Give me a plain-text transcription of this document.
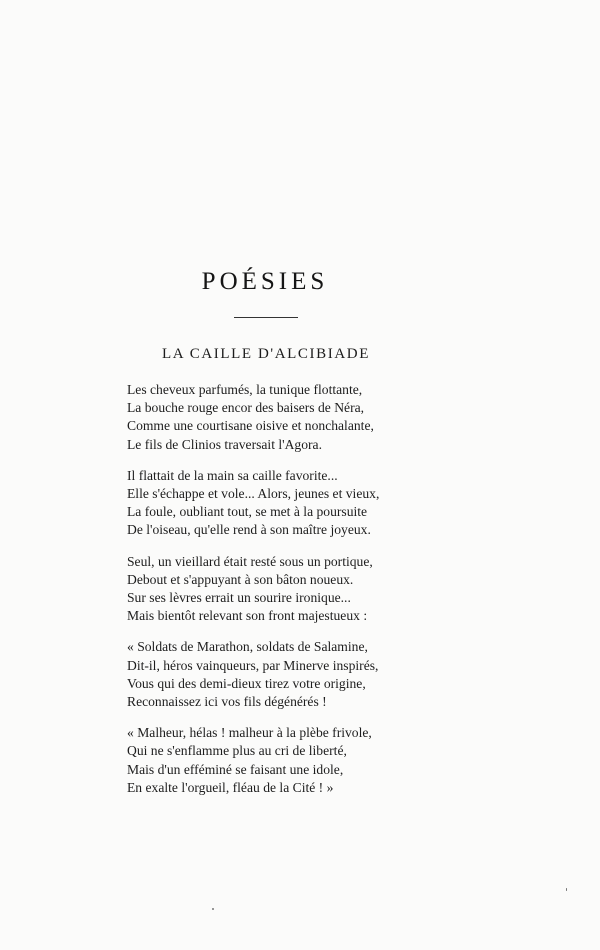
POÉSIES
LA CAILLE D'ALCIBIADE
Les cheveux parfumés, la tunique flottante,
La bouche rouge encor des baisers de Néra,
Comme une courtisane oisive et nonchalante,
Le fils de Clinios traversait l'Agora.
Il flattait de la main sa caille favorite...
Elle s'échappe et vole... Alors, jeunes et vieux,
La foule, oubliant tout, se met à la poursuite
De l'oiseau, qu'elle rend à son maître joyeux.
Seul, un vieillard était resté sous un portique,
Debout et s'appuyant à son bâton noueux.
Sur ses lèvres errait un sourire ironique...
Mais bientôt relevant son front majestueux :
« Soldats de Marathon, soldats de Salamine,
Dit-il, héros vainqueurs, par Minerve inspirés,
Vous qui des demi-dieux tirez votre origine,
Reconnaissez ici vos fils dégénérés !
« Malheur, hélas ! malheur à la plèbe frivole,
Qui ne s'enflamme plus au cri de liberté,
Mais d'un efféminé se faisant une idole,
En exalte l'orgueil, fléau de la Cité ! »
